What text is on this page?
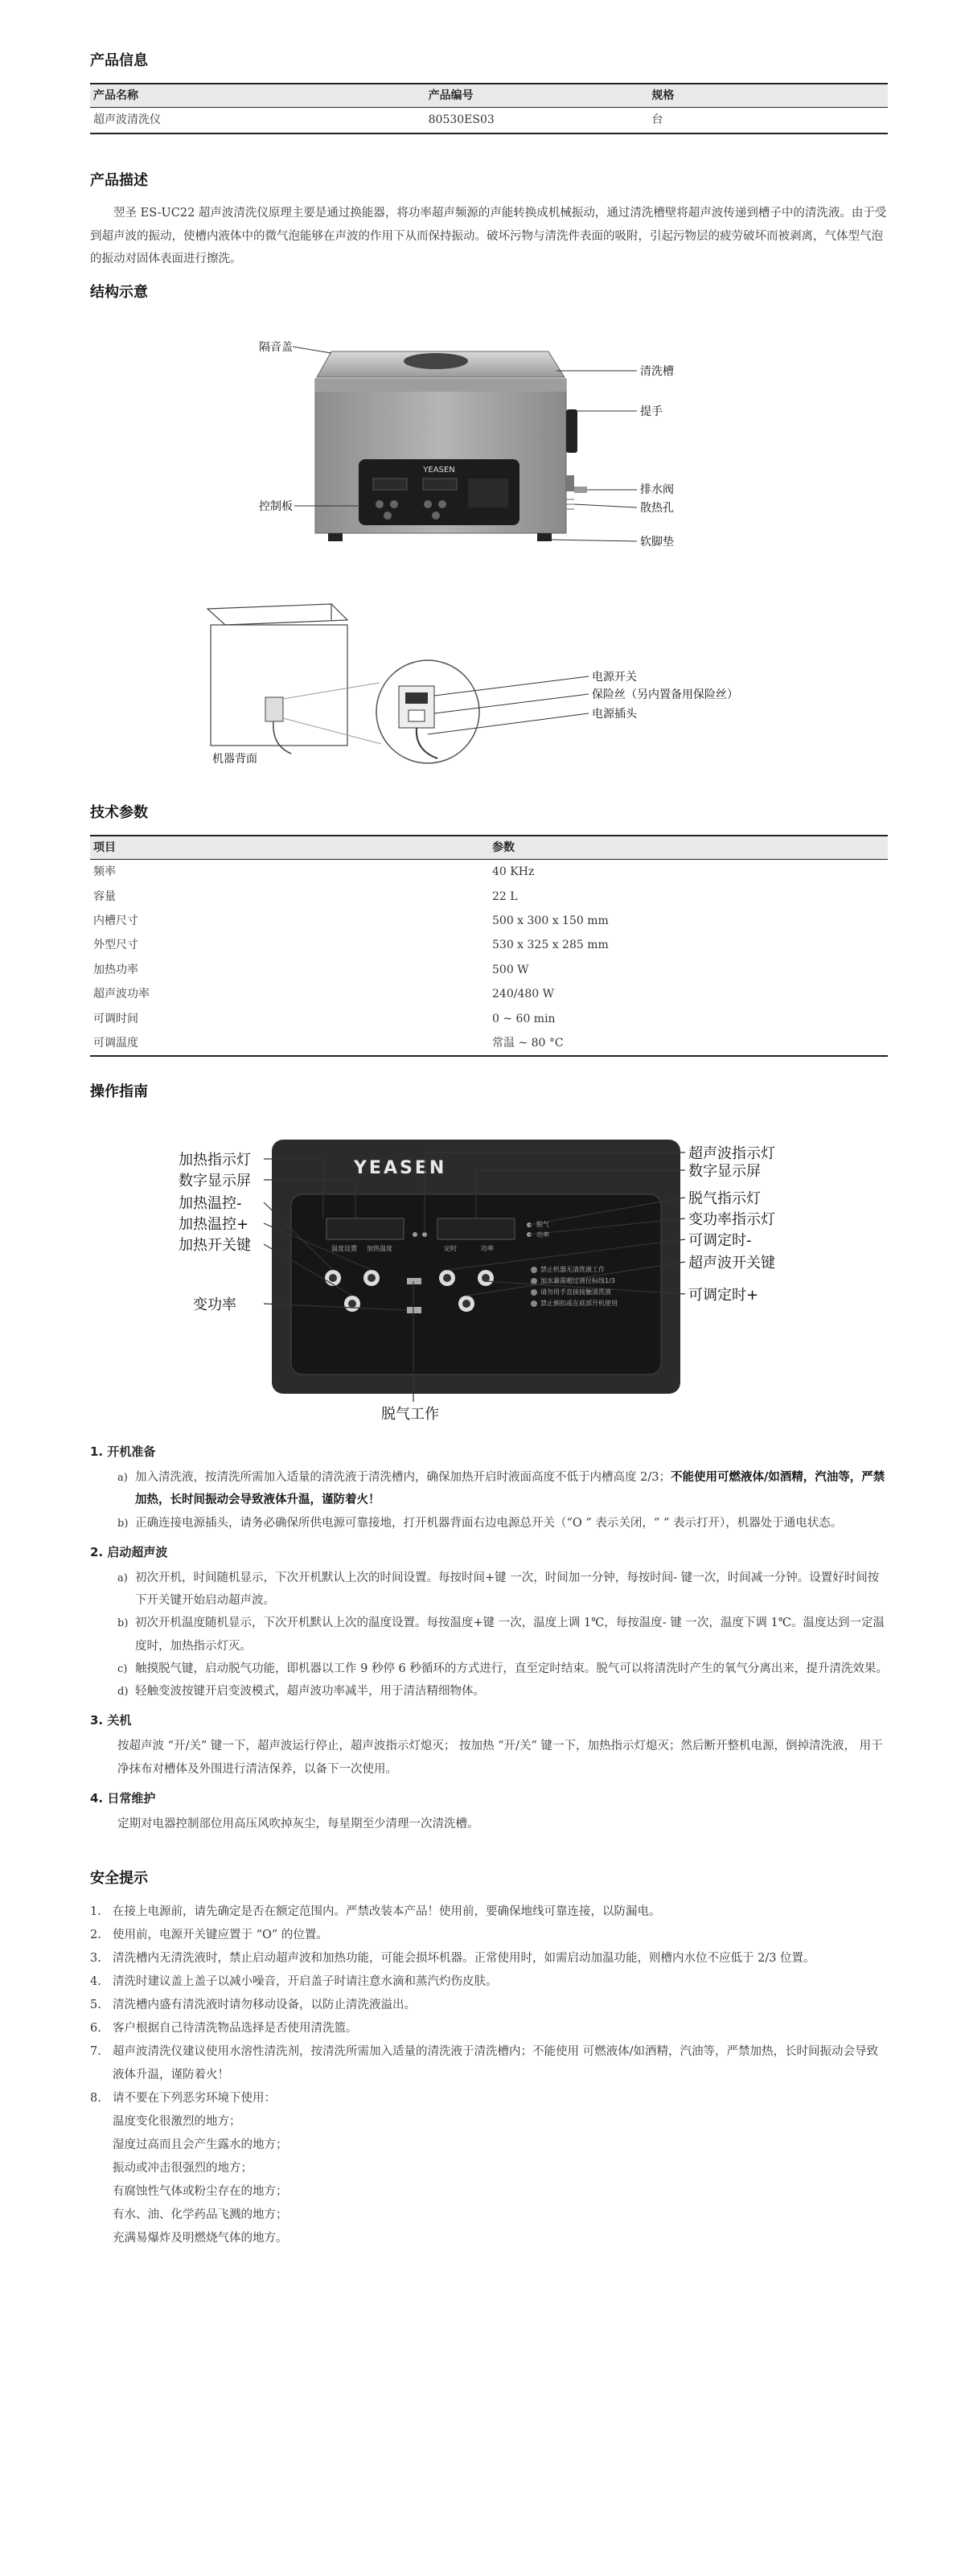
产品信息
产品名称	产品编号	规格
超声波清洗仪	80530ES03	台
产品描述

翌圣 ES-UC22 超声波清洗仪原理主要是通过换能器，将功率超声频源的声能转换成机械振动，通过清洗槽壁将超声波传递到槽子中的清洗液。由于受到超声波的振动，使槽内液体中的微气泡能够在声波的作用下从而保持振动。破坏污物与清洗件表面的吸附，引起污物层的疲劳破坏而被剥离，气体型气泡的振动对固体表面进行擦洗。

结构示意
YEASEN
隔音盖
清洗槽
提手
控制板
排水阀
散热孔
软脚垫
机器背面
电源开关
保险丝（另内置备用保险丝）
电源插头
技术参数
项目	参数
频率	40 KHz
容量	22 L
内槽尺寸	500 x 300 x 150 mm
外型尺寸	530 x 325 x 285 mm
加热功率	500 W
超声波功率	240/480 W
可调时间	0 ~ 60 min
可调温度	常温 ~ 80 °C
操作指南
YEASEN
温度设置 加热温度	定时	功率
脱气
功率
禁止机器无清洗液工作
加水量需超过液位标线1/3
请勿用手直接接触清洗液
禁止倒扣或在底部开机使用
加热指示灯
数字显示屏
加热温控-
加热温控+
加热开关键
变功率
超声波指示灯
数字显示屏
脱气指示灯
变功率指示灯
可调定时-
超声波开关键
可调定时+
脱气工作
1. 开机准备

a) 加入清洗液，按清洗所需加入适量的清洗液于清洗槽内，确保加热开启时液面高度不低于内槽高度 2/3；不能使用可燃液体/如酒精，汽油等，严禁加热，长时间振动会导致液体升温，谨防着火！

b) 正确连接电源插头，请务必确保所供电源可靠接地，打开机器背面右边电源总开关（“O ” 表示关闭，“ ” 表示打开），机器处于通电状态。

2. 启动超声波

a) 初次开机，时间随机显示，下次开机默认上次的时间设置。每按时间+键 一次，时间加一分钟，每按时间- 键一次，时间减一分钟。设置好时间按下开关键开始启动超声波。

b) 初次开机温度随机显示，下次开机默认上次的温度设置。每按温度+键 一次，温度上调 1℃，每按温度- 键 一次，温度下调 1℃。温度达到一定温度时，加热指示灯灭。

c) 触摸脱气键，启动脱气功能，即机器以工作 9 秒停 6 秒循环的方式进行，直至定时结束。脱气可以将清洗时产生的氧气分离出来，提升清洗效果。

d) 轻触变波按键开启变波模式，超声波功率减半，用于清洁精细物体。

3. 关机

按超声波 “开/关” 键一下，超声波运行停止，超声波指示灯熄灭； 按加热 “开/关” 键一下，加热指示灯熄灭；然后断开整机电源，倒掉清洗液， 用干净抹布对槽体及外围进行清洁保养，以备下一次使用。

4. 日常维护

定期对电器控制部位用高压风吹掉灰尘，每星期至少清理一次清洗槽。

安全提示

1. 在接上电源前，请先确定是否在额定范围内。严禁改装本产品！使用前，要确保地线可靠连接，以防漏电。

2. 使用前，电源开关键应置于 “O” 的位置。

3. 清洗槽内无清洗液时，禁止启动超声波和加热功能，可能会损坏机器。正常使用时，如需启动加温功能，则槽内水位不应低于 2/3 位置。

4. 清洗时建议盖上盖子以减小噪音，开启盖子时请注意水滴和蒸汽灼伤皮肤。

5. 清洗槽内盛有清洗液时请勿移动设备，以防止清洗液溢出。

6. 客户根据自己待清洗物品选择是否使用清洗篮。

7. 超声波清洗仪建议使用水溶性清洗剂，按清洗所需加入适量的清洗液于清洗槽内；不能使用 可燃液体/如酒精，汽油等，严禁加热，长时间振动会导致液体升温，谨防着火！

8. 请不要在下列恶劣环境下使用：

温度变化很激烈的地方；

湿度过高而且会产生露水的地方；

振动或冲击很强烈的地方；

有腐蚀性气体或粉尘存在的地方；

有水、油、化学药品飞溅的地方；

充满易爆炸及明燃烧气体的地方。
